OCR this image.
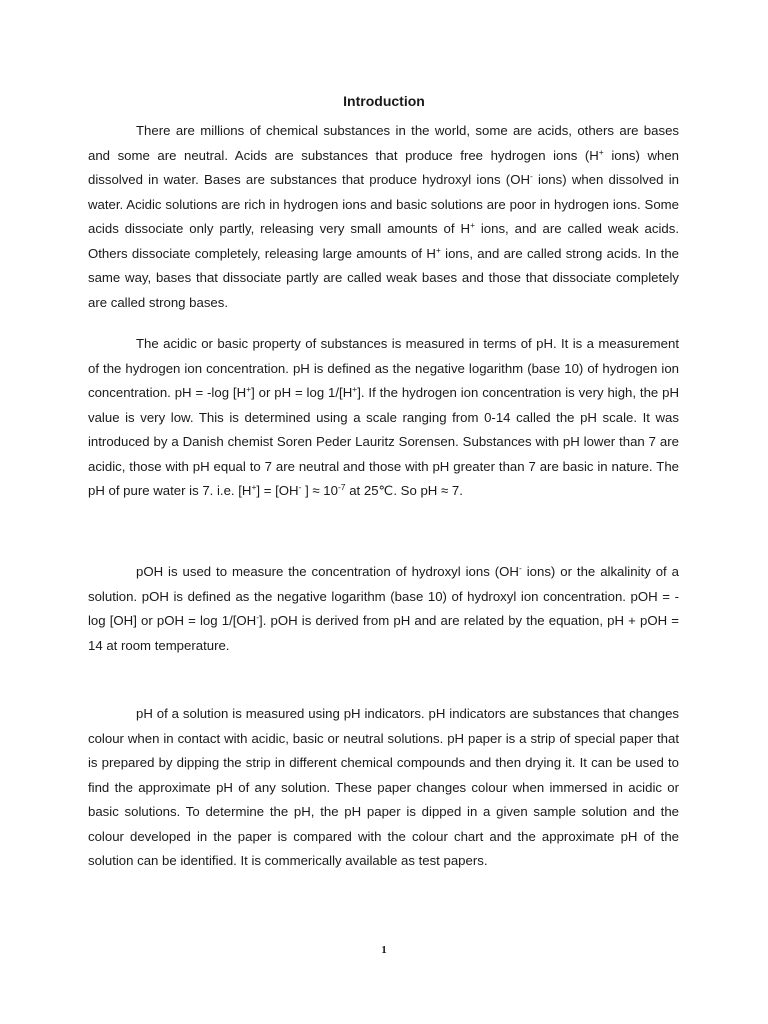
Introduction

There are millions of chemical substances in the world, some are acids, others are bases and some are neutral. Acids are substances that produce free hydrogen ions (H+ ions) when dissolved in water. Bases are substances that produce hydroxyl ions (OH- ions) when dissolved in water. Acidic solutions are rich in hydrogen ions and basic solutions are poor in hydrogen ions. Some acids dissociate only partly, releasing very small amounts of H+ ions, and are called weak acids. Others dissociate completely, releasing large amounts of H+ ions, and are called strong acids. In the same way, bases that dissociate partly are called weak bases and those that dissociate completely are called strong bases.

The acidic or basic property of substances is measured in terms of pH. It is a measurement of the hydrogen ion concentration. pH is defined as the negative logarithm (base 10) of hydrogen ion concentration. pH = -log [H+] or pH = log 1/[H+]. If the hydrogen ion concentration is very high, the pH value is very low. This is determined using a scale ranging from 0-14 called the pH scale. It was introduced by a Danish chemist Soren Peder Lauritz Sorensen. Substances with pH lower than 7 are acidic, those with pH equal to 7 are neutral and those with pH greater than 7 are basic in nature. The pH of pure water is 7. i.e. [H+] = [OH- ] ≈ $10^{-7}$ at 25℃. So pH ≈ 7.

pOH is used to measure the concentration of hydroxyl ions (OH- ions) or the alkalinity of a solution. pOH is defined as the negative logarithm (base 10) of hydroxyl ion concentration. pOH = -log [OH] or pOH = log 1/[OH-]. pOH is derived from pH and are related by the equation, pH + pOH = 14 at room temperature.

pH of a solution is measured using pH indicators. pH indicators are substances that changes colour when in contact with acidic, basic or neutral solutions. pH paper is a strip of special paper that is prepared by dipping the strip in different chemical compounds and then drying it. It can be used to find the approximate pH of any solution. These paper changes colour when immersed in acidic or basic solutions. To determine the pH, the pH paper is dipped in a given sample solution and the colour developed in the paper is compared with the colour chart and the approximate pH of the solution can be identified. It is commerically available as test papers.

1
